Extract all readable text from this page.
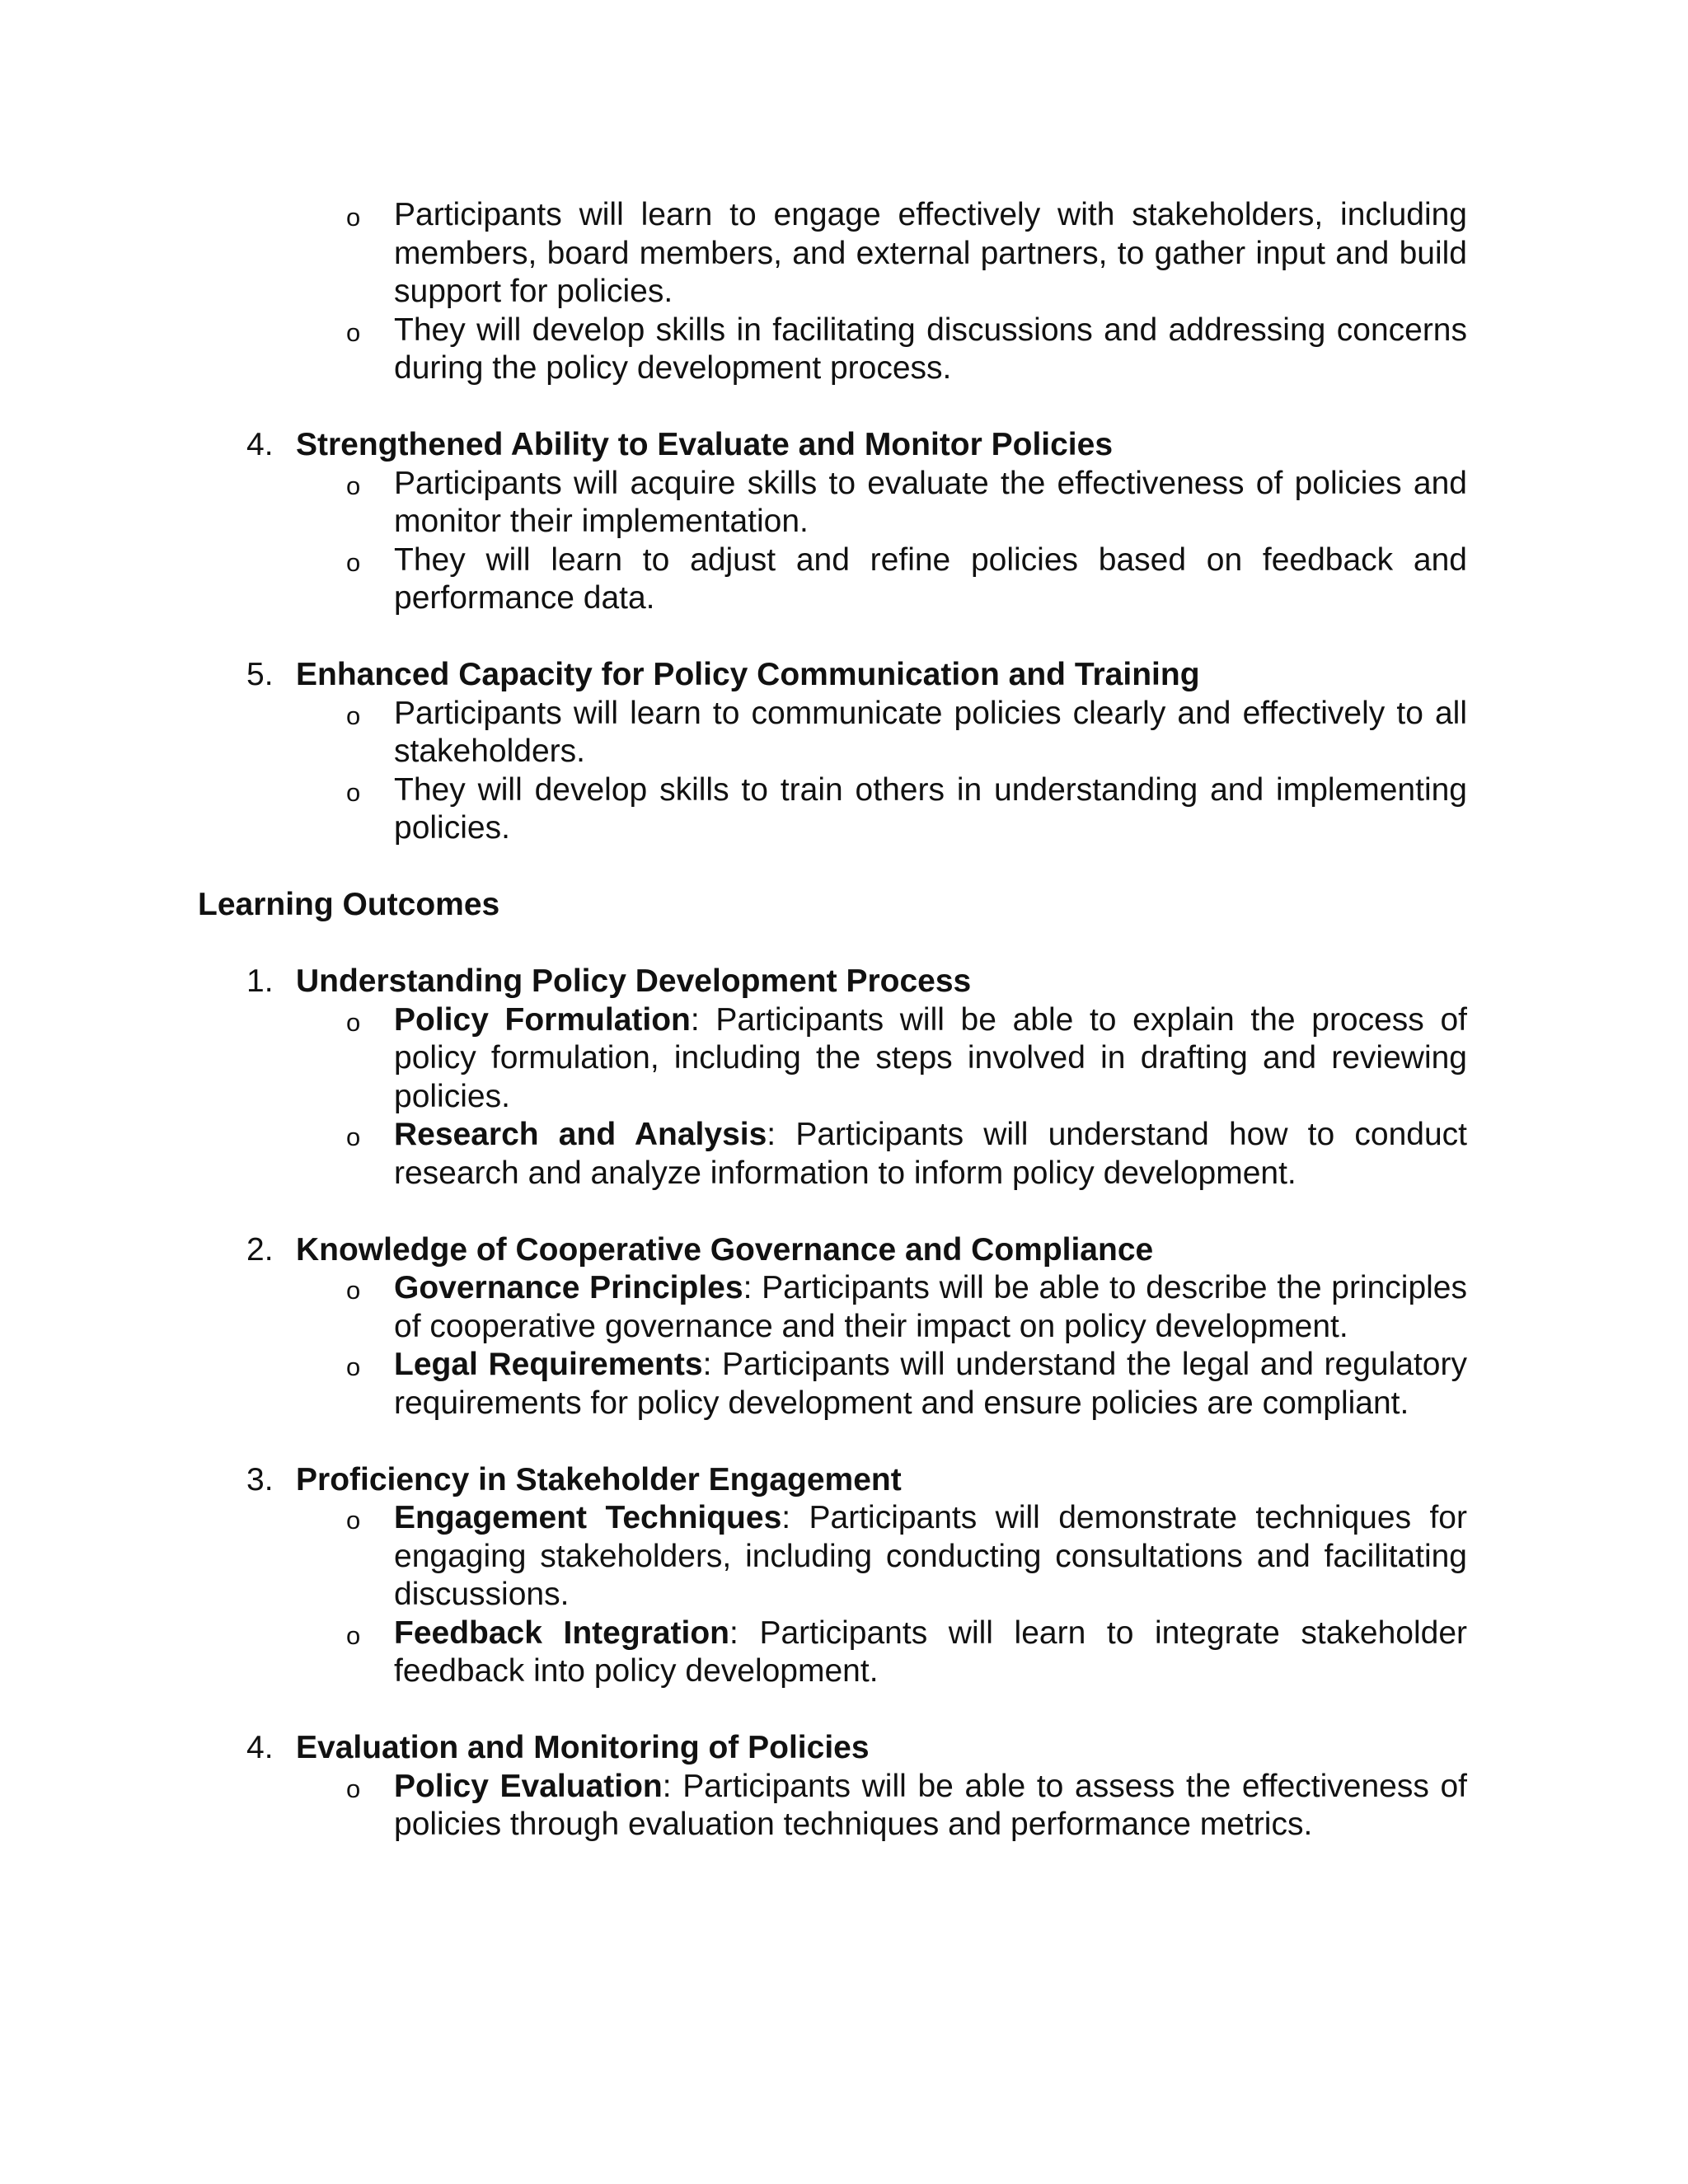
o Participants will learn to engage effectively with stakeholders, including members, board members, and external partners, to gather input and build support for policies.
o They will develop skills in facilitating discussions and addressing concerns during the policy development process.
4. Strengthened Ability to Evaluate and Monitor Policies
o Participants will acquire skills to evaluate the effectiveness of policies and monitor their implementation.
o They will learn to adjust and refine policies based on feedback and performance data.
5. Enhanced Capacity for Policy Communication and Training
o Participants will learn to communicate policies clearly and effectively to all stakeholders.
o They will develop skills to train others in understanding and implementing policies.
Learning Outcomes
1. Understanding Policy Development Process
o Policy Formulation: Participants will be able to explain the process of policy formulation, including the steps involved in drafting and reviewing policies.
o Research and Analysis: Participants will understand how to conduct research and analyze information to inform policy development.
2. Knowledge of Cooperative Governance and Compliance
o Governance Principles: Participants will be able to describe the principles of cooperative governance and their impact on policy development.
o Legal Requirements: Participants will understand the legal and regulatory requirements for policy development and ensure policies are compliant.
3. Proficiency in Stakeholder Engagement
o Engagement Techniques: Participants will demonstrate techniques for engaging stakeholders, including conducting consultations and facilitating discussions.
o Feedback Integration: Participants will learn to integrate stakeholder feedback into policy development.
4. Evaluation and Monitoring of Policies
o Policy Evaluation: Participants will be able to assess the effectiveness of policies through evaluation techniques and performance metrics.
